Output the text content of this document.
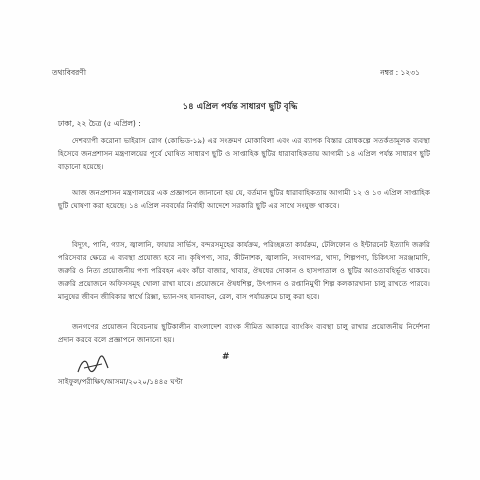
তথ্যবিবরণী	নম্বর : ১২৩১
১৪ এপ্রিল পর্যন্ত সাধারণ ছুটি বৃদ্ধি
ঢাকা, ২২ চৈত্র (৫ এপ্রিল) :

দেশব্যাপী করোনা ভাইরাস রোগ (কোভিড-১৯) এর সংক্রমণ মোকাবিলা এবং এর ব্যাপক বিস্তার রোধকল্পে সতর্কতামূলক ব্যবস্থা হিসেবে জনপ্রশাসন মন্ত্রণালয়ের পূর্বে ঘোষিত সাধারণ ছুটি ও সাপ্তাহিক ছুটির ধারাবাহিকতায় আগামী ১৪ এপ্রিল পর্যন্ত সাধারণ ছুটি বাড়ানো হয়েছে।

আজ জনপ্রশাসন মন্ত্রণালয়ের এক প্রজ্ঞাপনে জানানো হয় যে, বর্তমান ছুটির ধারাবাহিকতায় আগামী ১২ ও ১৩ এপ্রিল সাপ্তাহিক ছুটি ঘোষণা করা হয়েছে। ১৪ এপ্রিল নববর্ষের নির্বাহী আদেশে সরকারি ছুটি এর সাথে সংযুক্ত থাকবে।

বিদ্যুৎ, পানি, গ্যাস, জ্বালানি, ফায়ার সার্ভিস, বন্দরসমূহের কার্যক্রম, পরিচ্ছন্নতা কার্যক্রম, টেলিফোন ও ইন্টারনেট ইত্যাদি জরুরি পরিসেবার ক্ষেত্রে এ ব্যবস্থা প্রযোজ্য হবে না। কৃষিপণ্য, সার, কীটনাশক, জ্বালানি, সংবাদপত্র, খাদ্য, শিল্পপণ্য, চিকিৎসা সরঞ্জামাদি, জরুরি ও নিত্য প্রয়োজনীয় পণ্য পরিবহন এবং কাঁচা বাজার, খাবার, ঔষধের দোকান ও হাসপাতাল ও ছুটির আওতাবহির্ভূত থাকবে। জরুরি প্রয়োজনে অফিসসমূহ খোলা রাখা যাবে। প্রয়োজনে ঔষধশিল্প, উৎপাদন ও রপ্তানিমুখী শিল্প কলকারখানা চালু রাখতে পারবে। মানুষের জীবন জীবিকার স্বার্থে রিক্সা, ভ্যান-সহ যানবাহন, রেল, বাস পর্যায়ক্রমে চালু করা হবে।

জনগণের প্রয়োজন বিবেচনায় ছুটিকালীন বাংলাদেশ ব্যাংক সীমিত আকারে ব্যাংকিং ব্যবস্থা চালু রাখার প্রয়োজনীয় নির্দেশনা প্রদান করবে বলে প্রজ্ঞাপনে জানানো হয়।

#
সাইফুল/পরীক্ষিৎ/আসমা/২০২০/১৪৪৫ ঘণ্টা
